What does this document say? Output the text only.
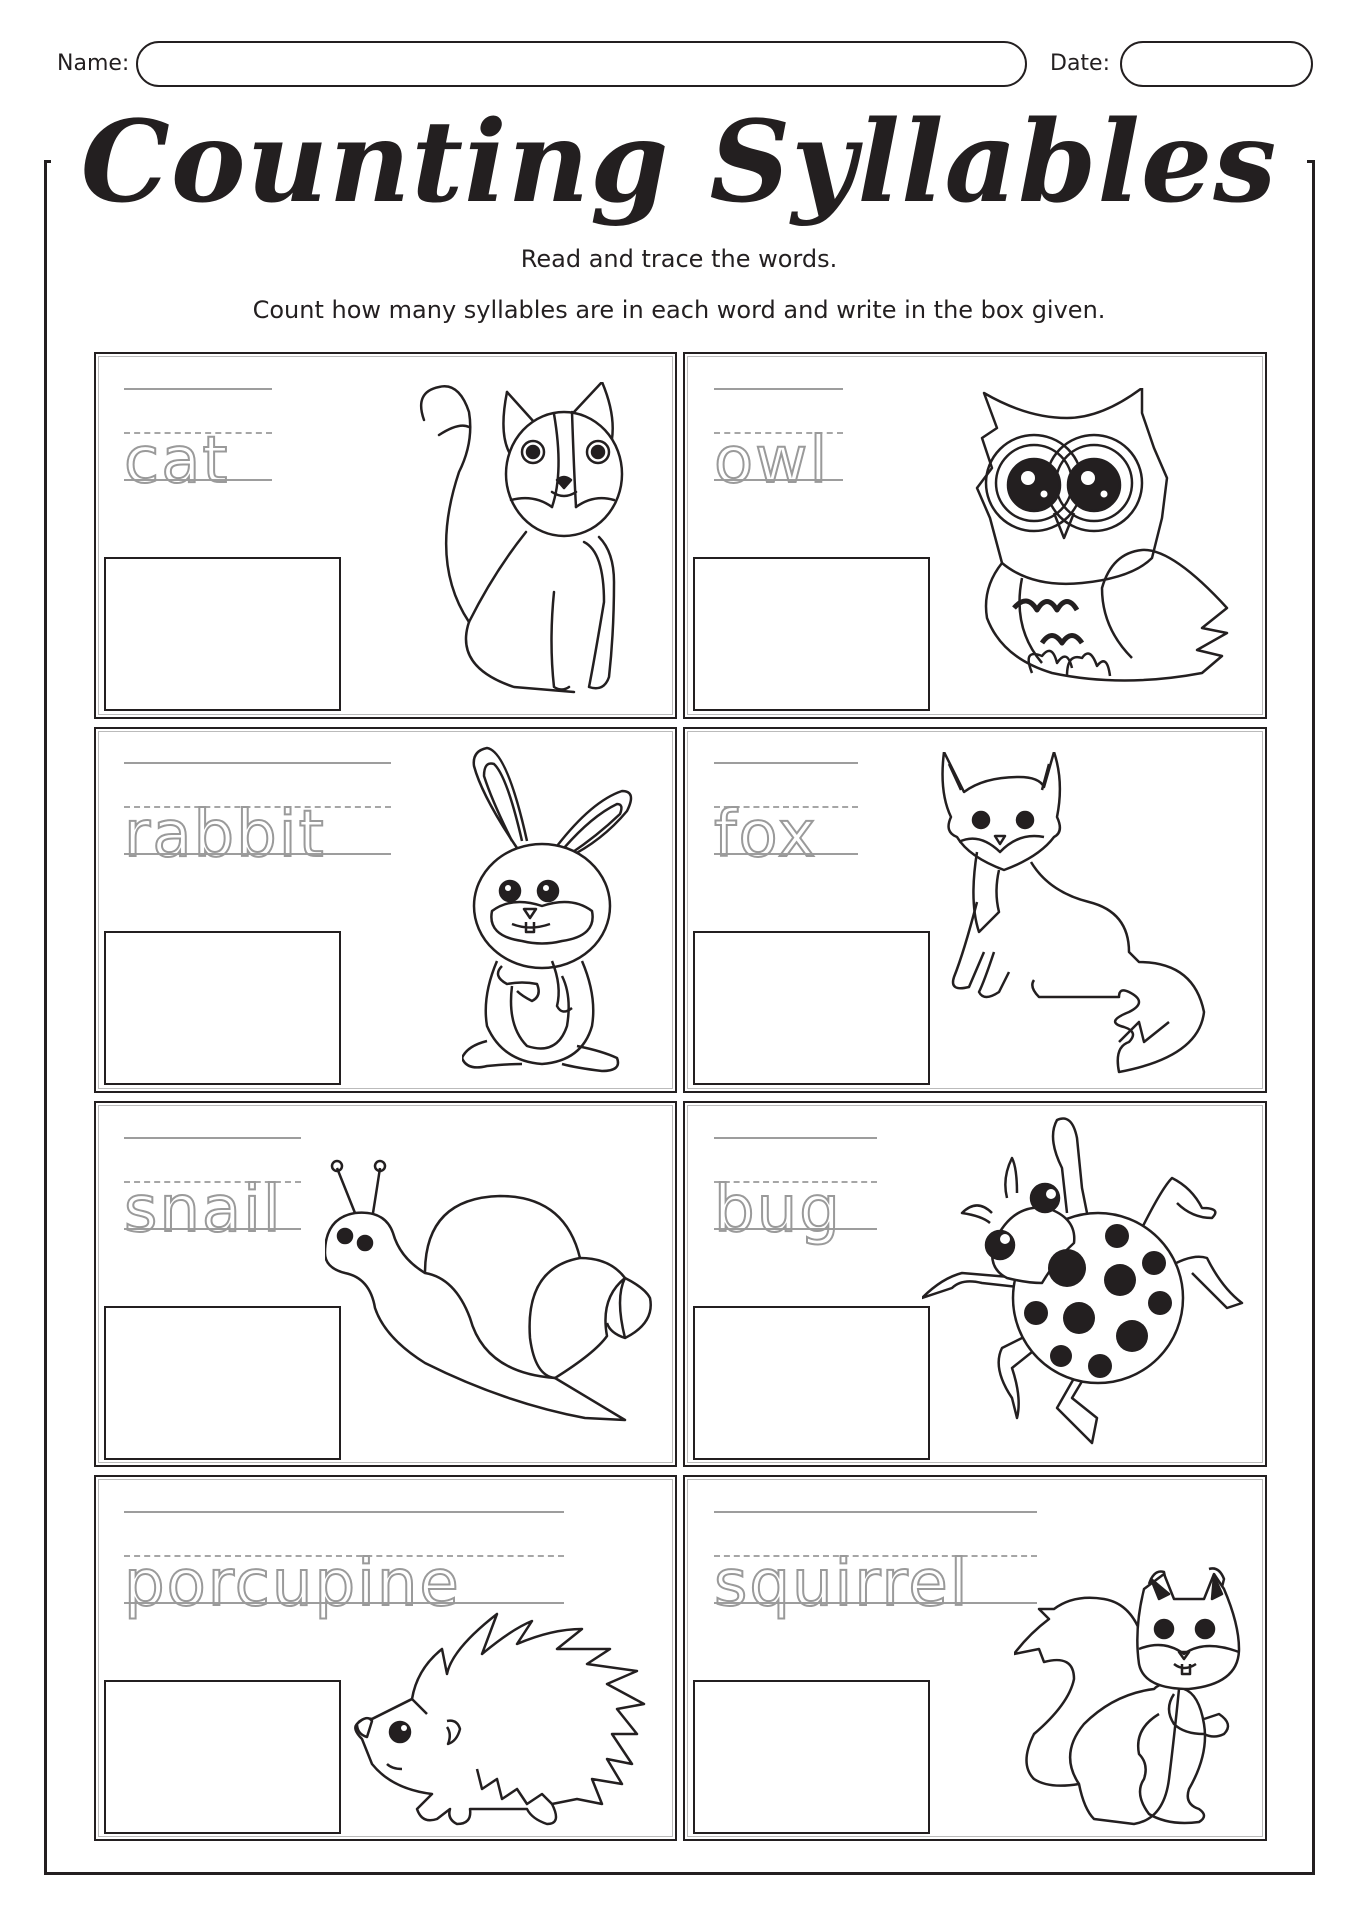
Name:	Date:
Counting Syllables
Read and trace the words.
Count how many syllables are in each word and write in the box given.
cat	owl
rabbit	fox
snail	bug
porcupine	squirrel
